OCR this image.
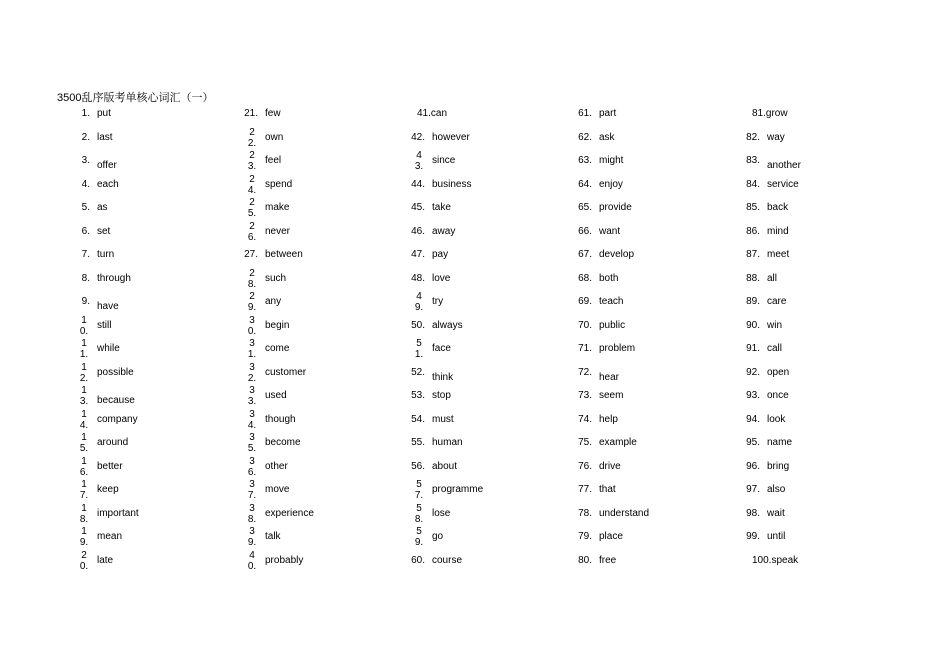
3500乱序版考单核心词汇（一）
1. put
2. last
3. offer
4. each
5. as
6. set
7. turn
8. through
9. have
1
0.
still
1
1.
while
1
2.
possible
1
3. because
1
4.
company
1
5.
around
1
6.
better
1
7.
keep
1
8.
important
1
9.
mean
2
0.
late
21. few
2
2.
own
2
3.
feel
2
4.
spend
2
5.
make
2
6.
never
27. between
2
8.
such
2
9.
any
3
0.
begin
3
1.
come
3
2.
customer
3
3.
used
3
4.
though
3
5.
become
3
6.
other
3
7.
move
3
8.
experience
3
9.
talk
4
0.
probably
41.can
42. however
4
3.
since
44. business
45. take
46. away
47. pay
48. love
4
9.
try
50. always
5
1.
face
52. think
53. stop
54. must
55. human
56. about
5
7.
programme
5
8.
lose
5
9.
go
60. course
61. part
62. ask
63. might
64. enjoy
65. provide
66. want
67. develop
68. both
69. teach
70. public
71. problem
72. hear
73. seem
74. help
75. example
76. drive
77. that
78. understand
79. place
80. free
81.grow
82. way
83. another
84. service
85. back
86. mind
87. meet
88. all
89. care
90. win
91. call
92. open
93. once
94. look
95. name
96. bring
97. also
98. wait
99. until
100.speak
